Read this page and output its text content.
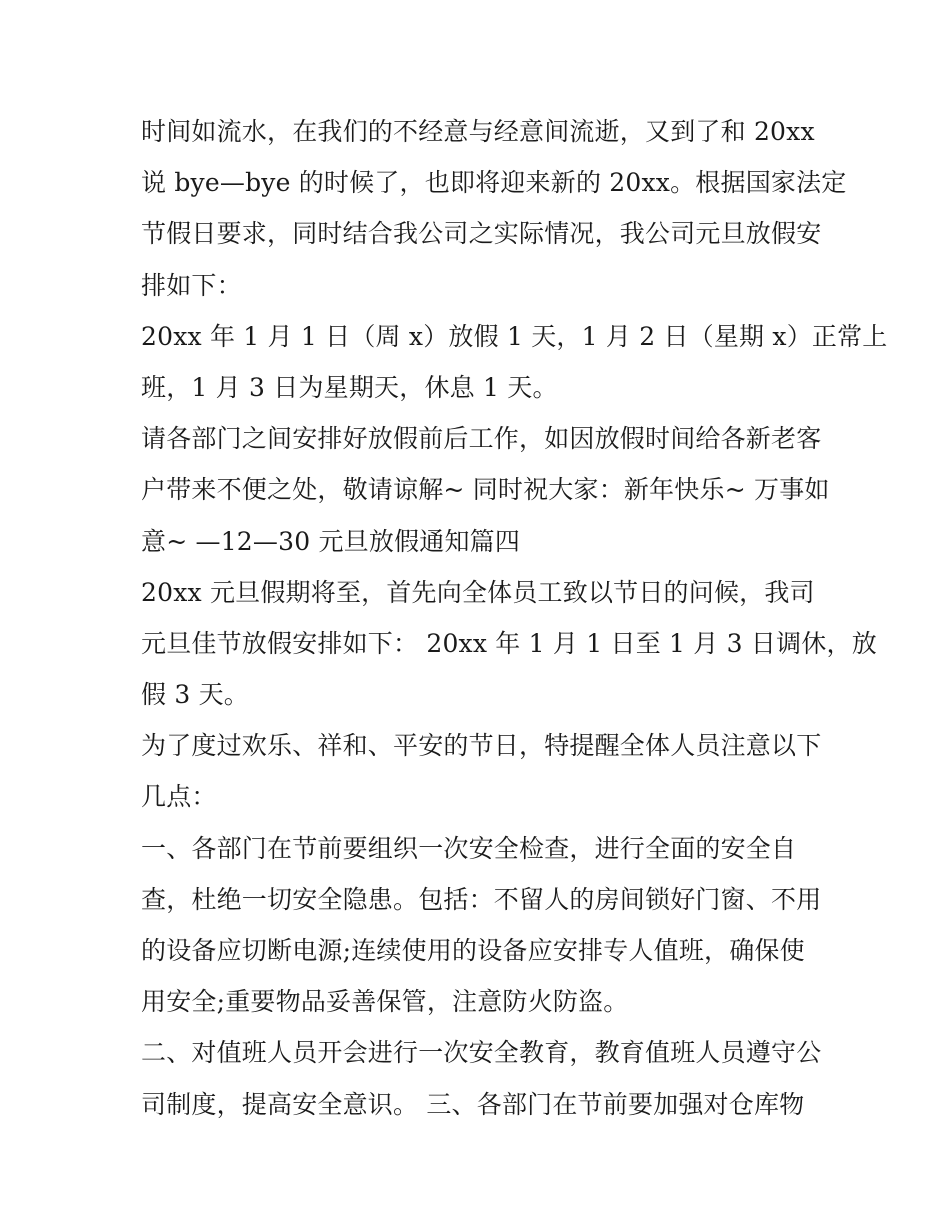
时间如流水，在我们的不经意与经意间流逝，又到了和 20xx
说 bye—bye 的时候了，也即将迎来新的 20xx。根据国家法定
节假日要求，同时结合我公司之实际情况，我公司元旦放假安
排如下：
20xx 年 1 月 1 日（周 x）放假 1 天，1 月 2 日（星期 x）正常上
班，1 月 3 日为星期天，休息 1 天。
请各部门之间安排好放假前后工作，如因放假时间给各新老客
户带来不便之处，敬请谅解~ 同时祝大家：新年快乐~ 万事如
意~ —12—30 元旦放假通知篇四
20xx 元旦假期将至，首先向全体员工致以节日的问候，我司
元旦佳节放假安排如下： 20xx 年 1 月 1 日至 1 月 3 日调休，放
假 3 天。
为了度过欢乐、祥和、平安的节日，特提醒全体人员注意以下
几点：
一、各部门在节前要组织一次安全检查，进行全面的安全自
查，杜绝一切安全隐患。包括：不留人的房间锁好门窗、不用
的设备应切断电源;连续使用的设备应安排专人值班，确保使
用安全;重要物品妥善保管，注意防火防盗。
二、对值班人员开会进行一次安全教育，教育值班人员遵守公
司制度，提高安全意识。 三、各部门在节前要加强对仓库物
